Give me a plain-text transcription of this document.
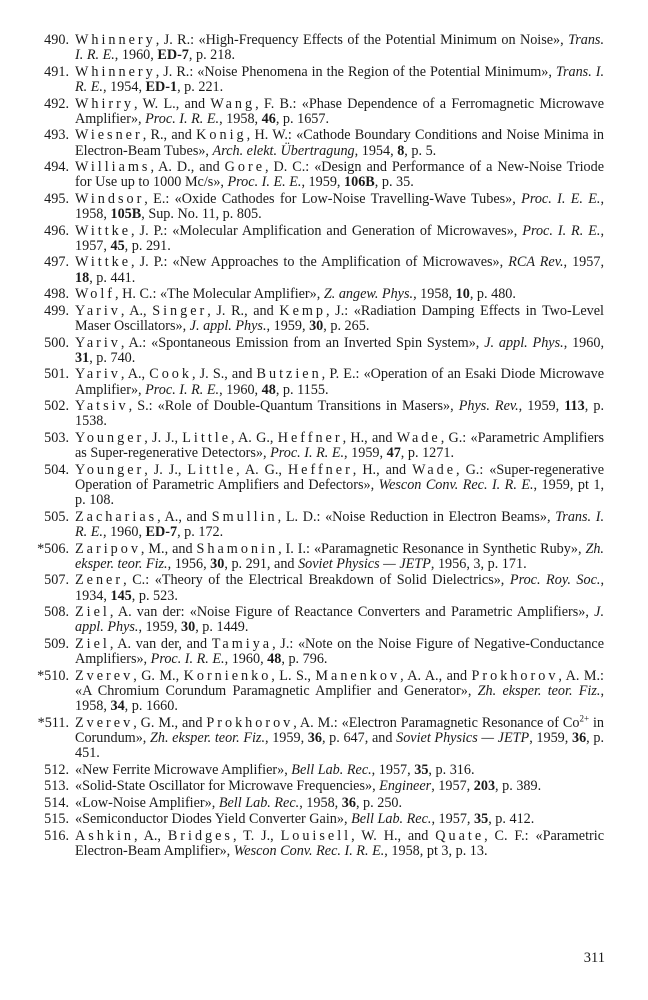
490. Whinnery, J. R.: «High-Frequency Effects of the Potential Minimum on Noise», Trans. I. R. E., 1960, ED-7, p. 218.
491. Whinnery, J. R.: «Noise Phenomena in the Region of the Potential Minimum», Trans. I. R. E., 1954, ED-1, p. 221.
492. Whirry, W. L., and Wang, F. B.: «Phase Dependence of a Ferromagnetic Microwave Amplifier», Proc. I. R. E., 1958, 46, p. 1657.
493. Wiesner, R., and Konig, H. W.: «Cathode Boundary Conditions and Noise Minima in Electron-Beam Tubes», Arch. elekt. Übertragung, 1954, 8, p. 5.
494. Williams, A. D., and Gore, D. C.: «Design and Performance of a New-Noise Triode for Use up to 1000 Mc/s», Proc. I. E. E., 1959, 106B, p. 35.
495. Windsor, E.: «Oxide Cathodes for Low-Noise Travelling-Wave Tubes», Proc. I. E. E., 1958, 105B, Sup. No. 11, p. 805.
496. Wittke, J. P.: «Molecular Amplification and Generation of Microwaves», Proc. I. R. E., 1957, 45, p. 291.
497. Wittke, J. P.: «New Approaches to the Amplification of Microwaves», RCA Rev., 1957, 18, p. 441.
498. Wolf, H. C.: «The Molecular Amplifier», Z. angew. Phys., 1958, 10, p. 480.
499. Yariv, A., Singer, J. R., and Kemp, J.: «Radiation Damping Effects in Two-Level Maser Oscillators», J. appl. Phys., 1959, 30, p. 265.
500. Yariv, A.: «Spontaneous Emission from an Inverted Spin System», J. appl. Phys., 1960, 31, p. 740.
501. Yariv, A., Cook, J. S., and Butzien, P. E.: «Operation of an Esaki Diode Microwave Amplifier», Proc. I. R. E., 1960, 48, p. 1155.
502. Yatsiv, S.: «Role of Double-Quantum Transitions in Masers», Phys. Rev., 1959, 113, p. 1538.
503. Younger, J. J., Little, A. G., Heffner, H., and Wade, G.: «Parametric Amplifiers as Super-regenerative Detectors», Proc. I. R. E., 1959, 47, p. 1271.
504. Younger, J. J., Little, A. G., Heffner, H., and Wade, G.: «Super-regenerative Operation of Parametric Amplifiers and Defectors», Wescon Conv. Rec. I. R. E., 1959, pt 1, p. 108.
505. Zacharias, A., and Smullin, L. D.: «Noise Reduction in Electron Beams», Trans. I. R. E., 1960, ED-7, p. 172.
*506. Zaripov, M., and Shamonin, I. I.: «Paramagnetic Resonance in Synthetic Ruby», Zh. eksper. teor. Fiz., 1956, 30, p. 291, and Soviet Physics — JETP, 1956, 3, p. 171.
507. Zener, C.: «Theory of the Electrical Breakdown of Solid Dielectrics», Proc. Roy. Soc., 1934, 145, p. 523.
508. Ziel, A. van der: «Noise Figure of Reactance Converters and Parametric Amplifiers», J. appl. Phys., 1959, 30, p. 1449.
509. Ziel, A. van der, and Tamiya, J.: «Note on the Noise Figure of Negative-Conductance Amplifiers», Proc. I. R. E., 1960, 48, p. 796.
*510. Zverev, G. M., Kornienko, L. S., Manenkov, A. A., and Prokhorov, A. M.: «A Chromium Corundum Paramagnetic Amplifier and Generator», Zh. eksper. teor. Fiz., 1958, 34, p. 1660.
*511. Zverev, G. M., and Prokhorov, A. M.: «Electron Paramagnetic Resonance of $Co^{2+}$ in Corundum», Zh. eksper. teor. Fiz., 1959, 36, p. 647, and Soviet Physics — JETP, 1959, 36, p. 451.
512. «New Ferrite Microwave Amplifier», Bell Lab. Rec., 1957, 35, p. 316.
513. «Solid-State Oscillator for Microwave Frequencies», Engineer, 1957, 203, p. 389.
514. «Low-Noise Amplifier», Bell Lab. Rec., 1958, 36, p. 250.
515. «Semiconductor Diodes Yield Converter Gain», Bell Lab. Rec., 1957, 35, p. 412.
516. Ashkin, A., Bridges, T. J., Louisell, W. H., and Quate, C. F.: «Parametric Electron-Beam Amplifier», Wescon Conv. Rec. I. R. E., 1958, pt 3, p. 13.
311
